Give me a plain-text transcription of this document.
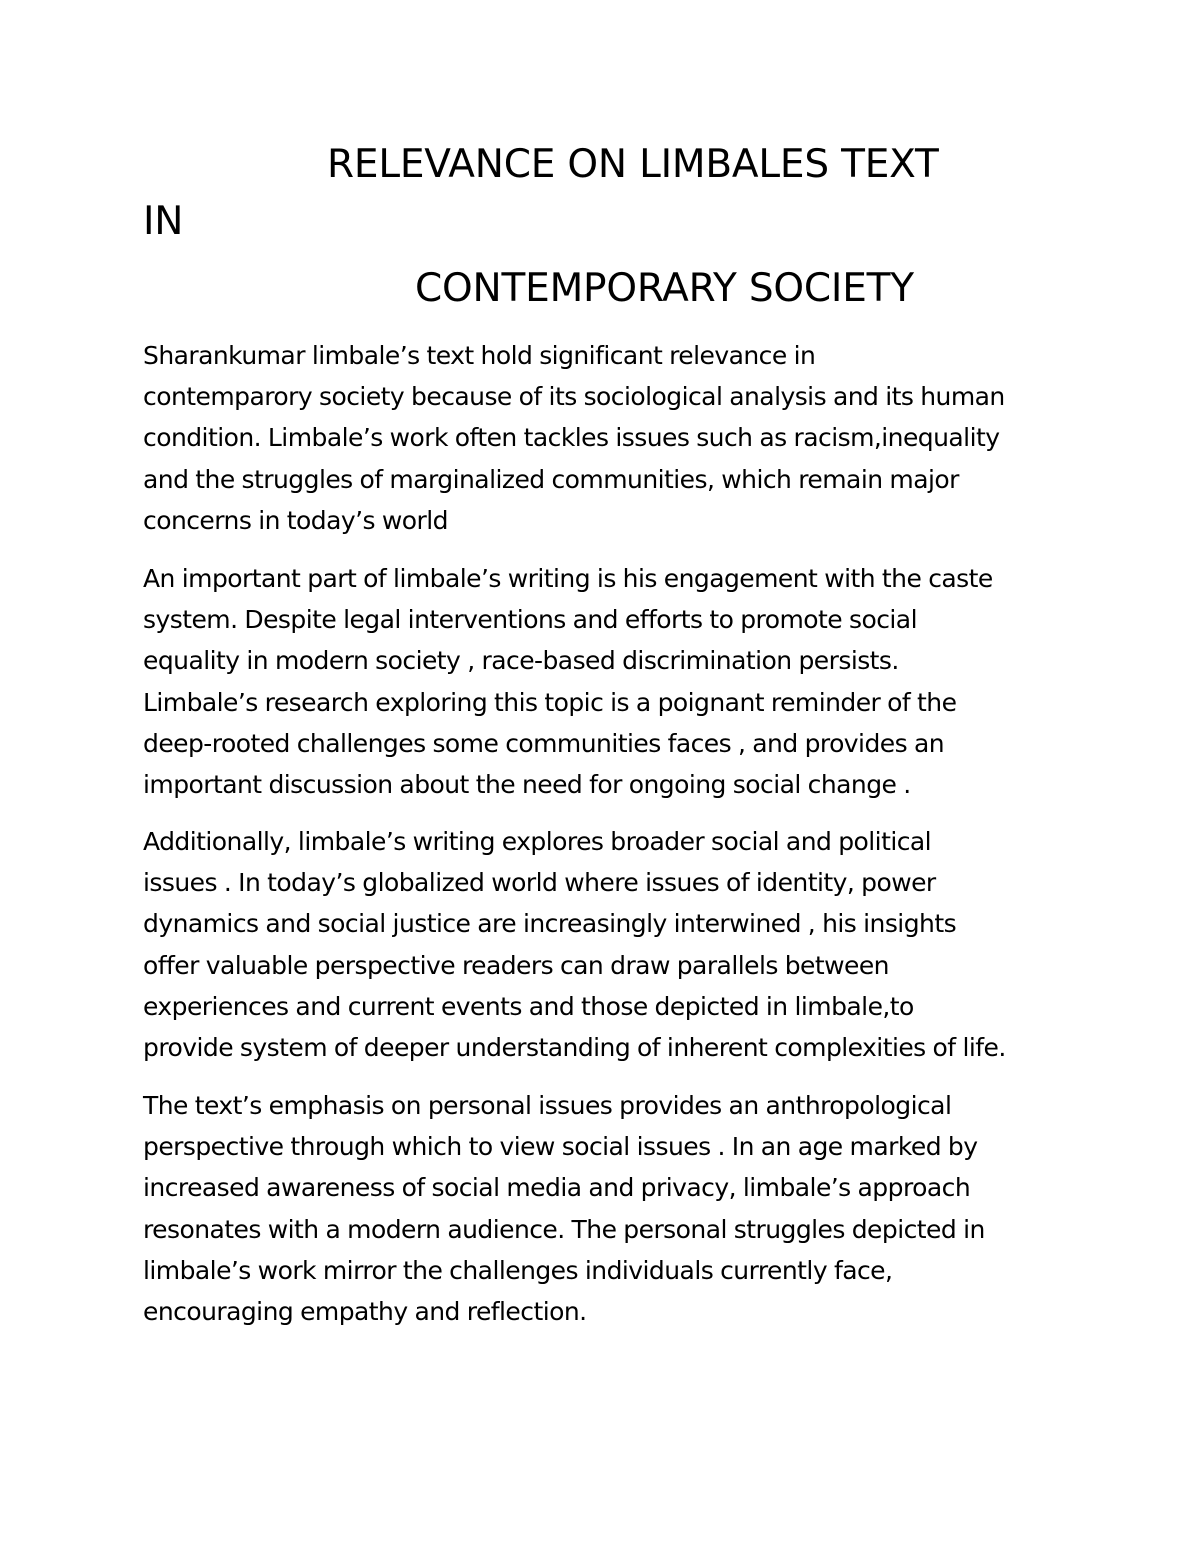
RELEVANCE ON LIMBALES TEXT
IN
CONTEMPORARY SOCIETY

Sharankumar limbale’s text hold significant relevance in
contemparory society because of its sociological analysis and its human
condition. Limbale’s work often tackles issues such as racism,inequality
and the struggles of marginalized communities, which remain major
concerns in today’s world

An important part of limbale’s writing is his engagement with the caste
system. Despite legal interventions and efforts to promote social
equality in modern society , race-based discrimination persists.
Limbale’s research exploring this topic is a poignant reminder of the
deep-rooted challenges some communities faces , and provides an
important discussion about the need for ongoing social change .

Additionally, limbale’s writing explores broader social and political
issues . In today’s globalized world where issues of identity, power
dynamics and social justice are increasingly interwined , his insights
offer valuable perspective readers can draw parallels between
experiences and current events and those depicted in limbale,to
provide system of deeper understanding of inherent complexities of life.

The text’s emphasis on personal issues provides an anthropological
perspective through which to view social issues . In an age marked by
increased awareness of social media and privacy, limbale’s approach
resonates with a modern audience. The personal struggles depicted in
limbale’s work mirror the challenges individuals currently face,
encouraging empathy and reflection.
